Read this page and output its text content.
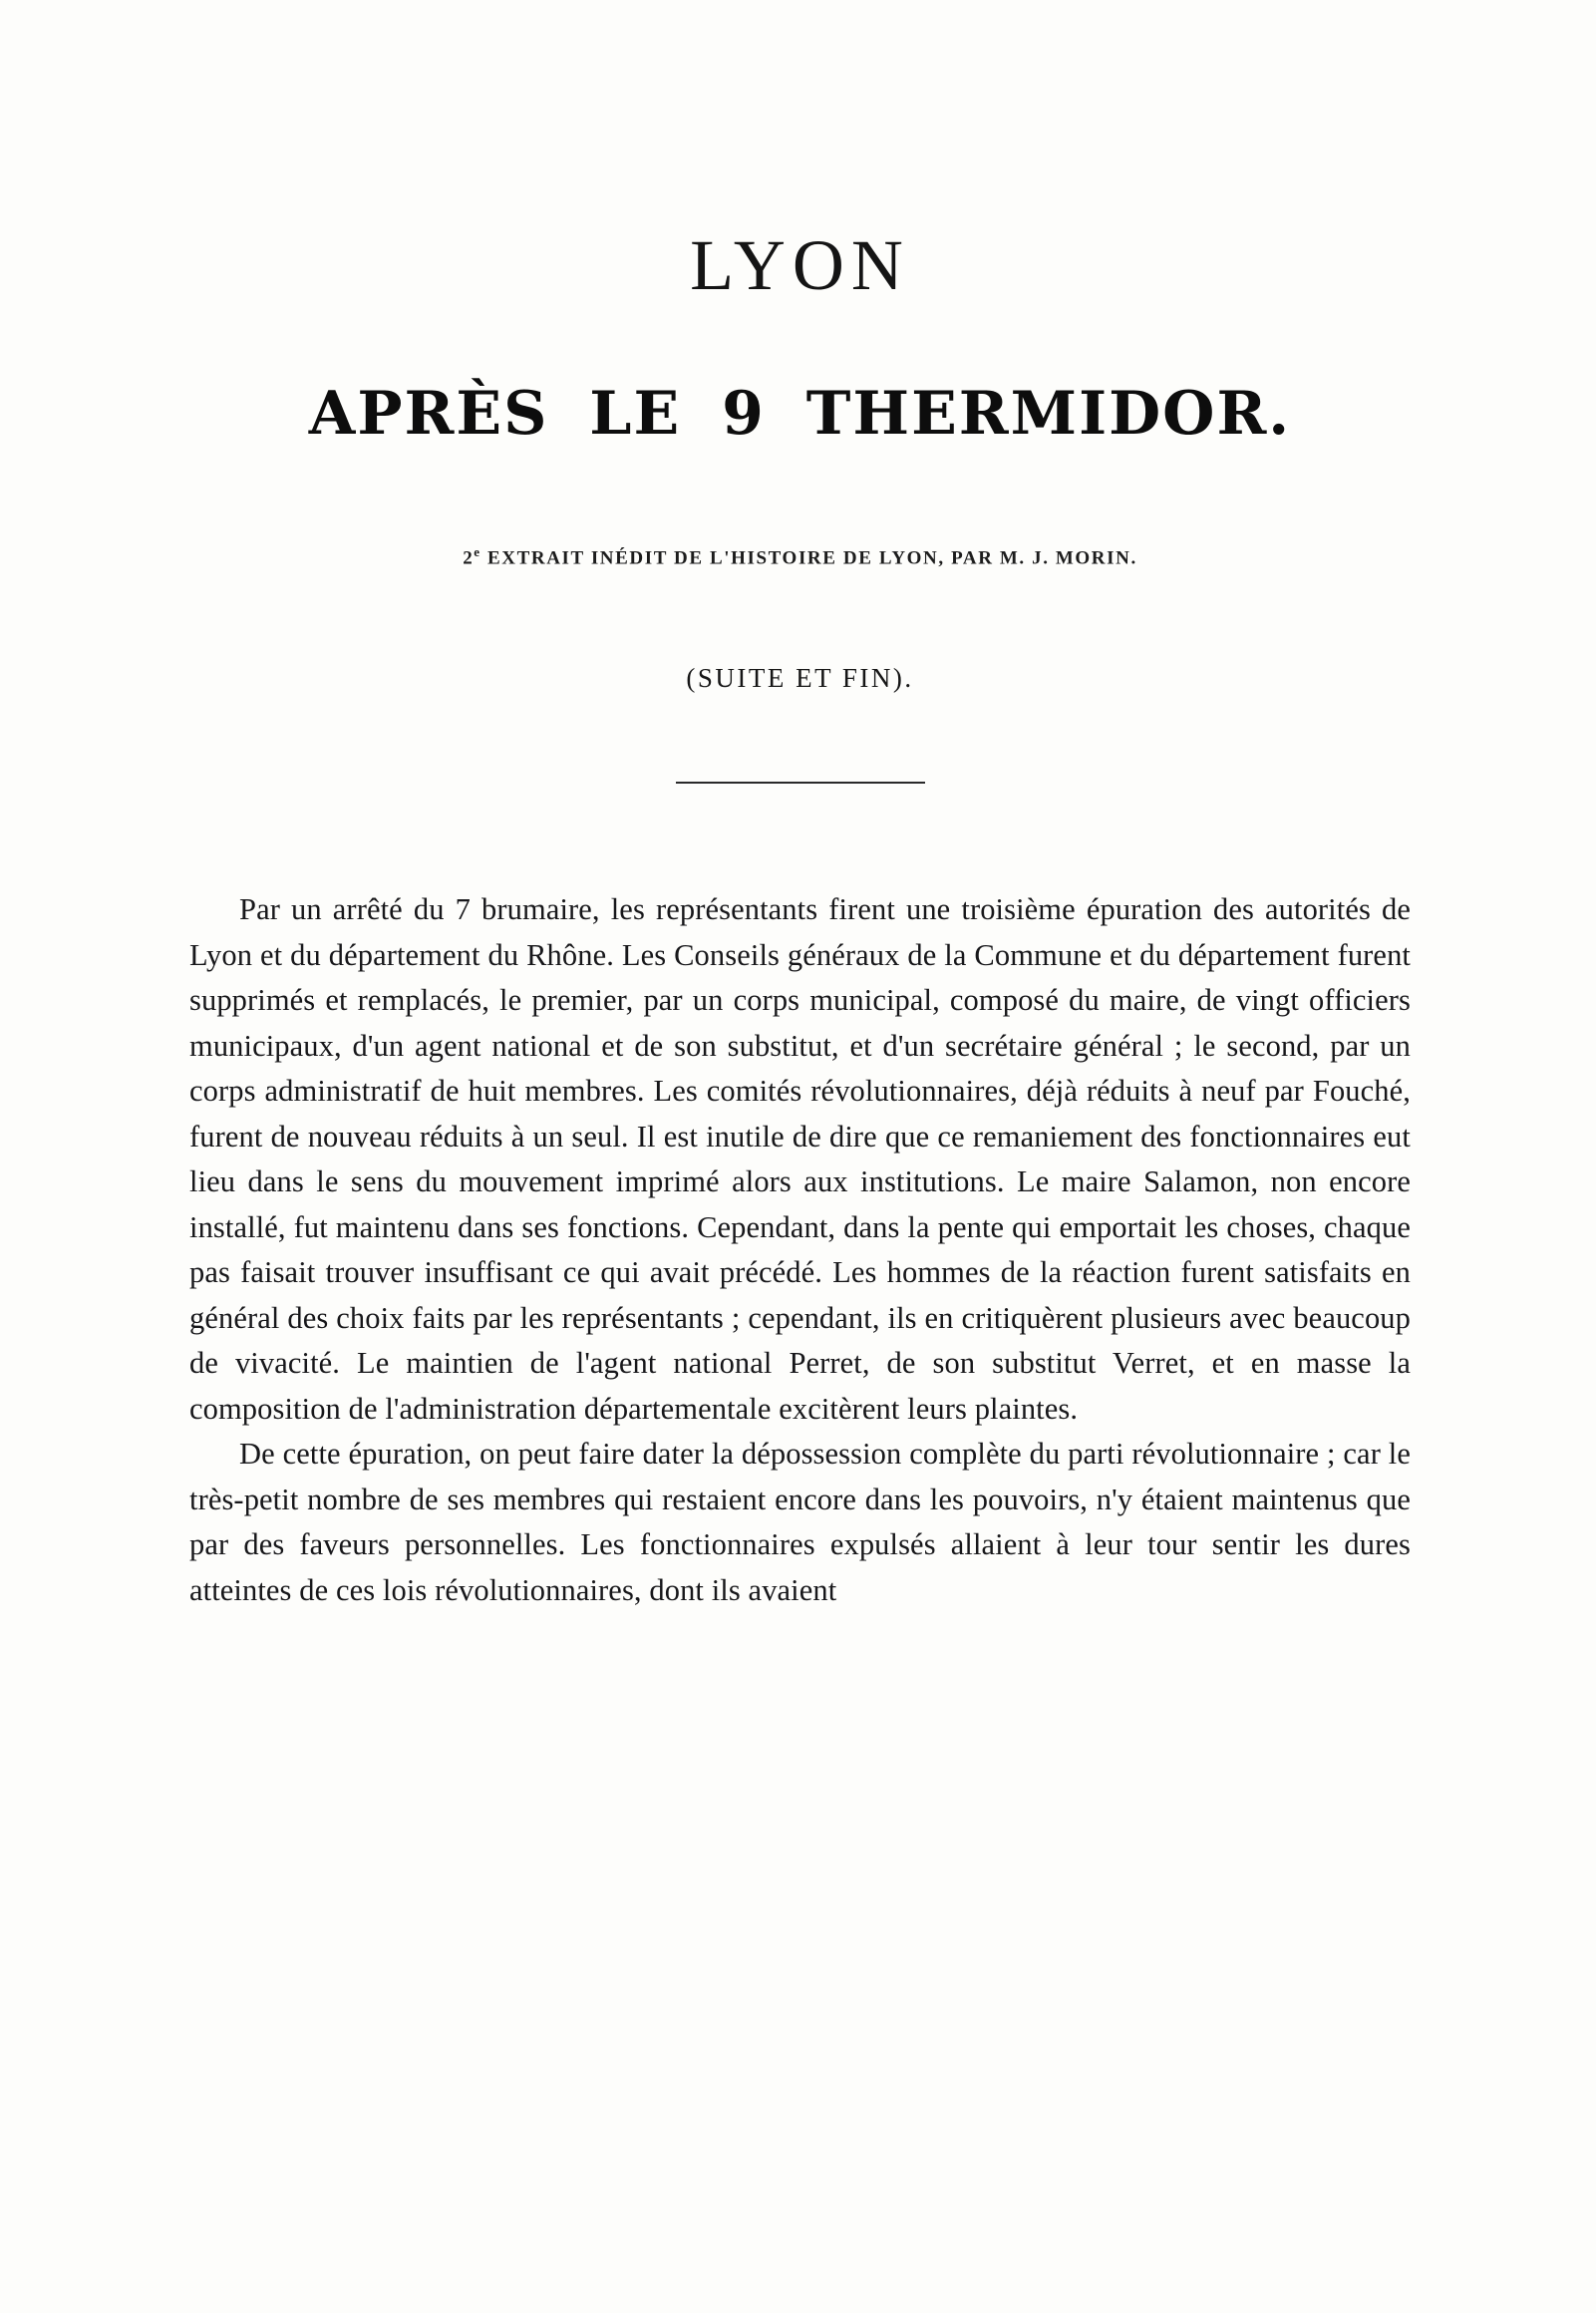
LYON
APRÈS LE 9 THERMIDOR.
2e EXTRAIT INÉDIT DE L'HISTOIRE DE LYON, PAR M. J. MORIN.
(SUITE ET FIN).

Par un arrêté du 7 brumaire, les représentants firent une troisième épuration des autorités de Lyon et du département du Rhône. Les Conseils généraux de la Commune et du département furent supprimés et remplacés, le premier, par un corps municipal, composé du maire, de vingt officiers municipaux, d'un agent national et de son substitut, et d'un secrétaire général ; le second, par un corps administratif de huit membres. Les comités révolutionnaires, déjà réduits à neuf par Fouché, furent de nouveau réduits à un seul. Il est inutile de dire que ce remaniement des fonctionnaires eut lieu dans le sens du mouvement imprimé alors aux institutions. Le maire Salamon, non encore installé, fut maintenu dans ses fonctions. Cependant, dans la pente qui emportait les choses, chaque pas faisait trouver insuffisant ce qui avait précédé. Les hommes de la réaction furent satisfaits en général des choix faits par les représentants ; cependant, ils en critiquèrent plusieurs avec beaucoup de vivacité. Le maintien de l'agent national Perret, de son substitut Verret, et en masse la composition de l'administration départementale excitèrent leurs plaintes.

De cette épuration, on peut faire dater la dépossession complète du parti révolutionnaire ; car le très-petit nombre de ses membres qui restaient encore dans les pouvoirs, n'y étaient maintenus que par des faveurs personnelles. Les fonctionnaires expulsés allaient à leur tour sentir les dures atteintes de ces lois révolutionnaires, dont ils avaient
